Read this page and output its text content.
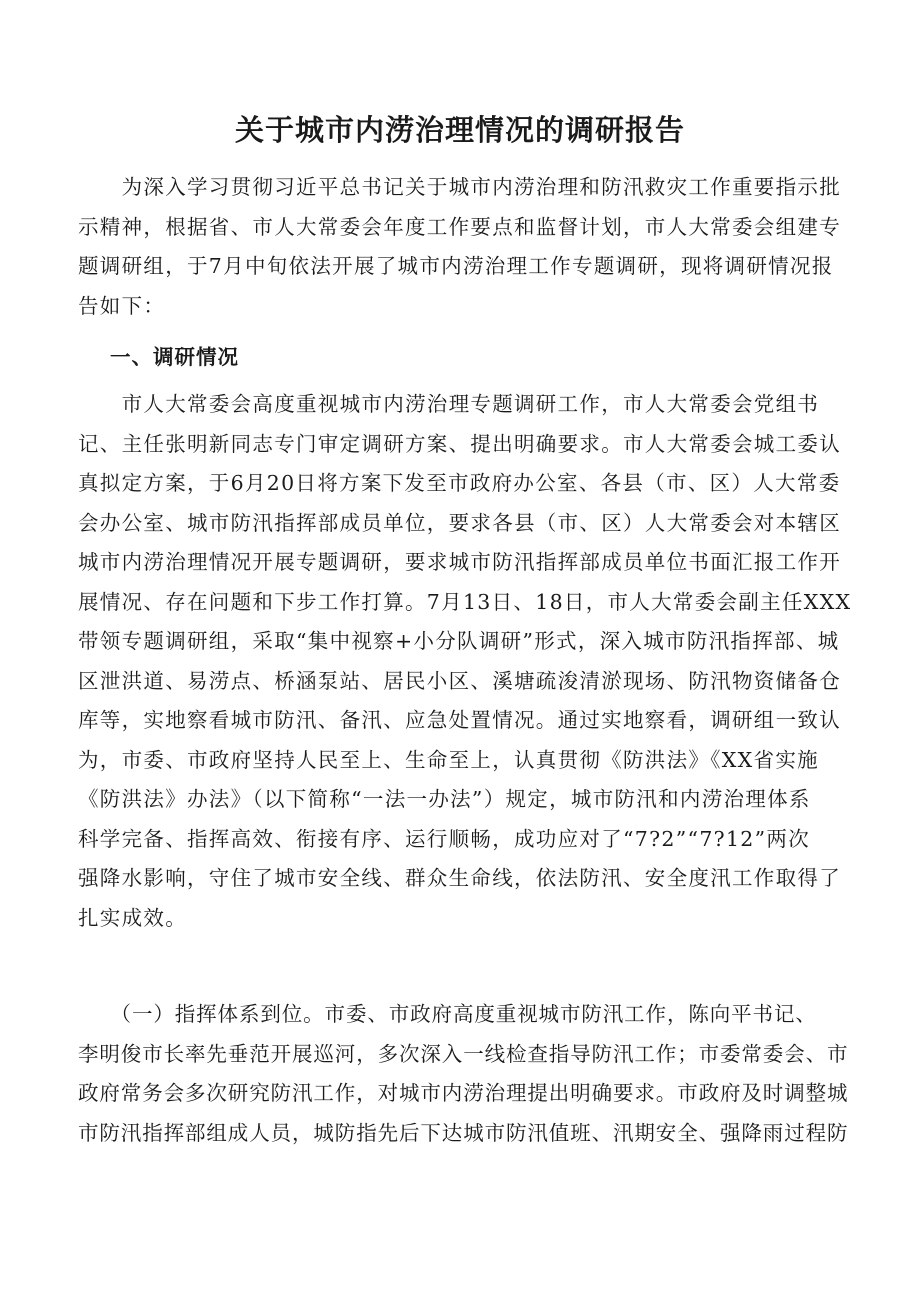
关于城市内涝治理情况的调研报告

　　为深入学习贯彻习近平总书记关于城市内涝治理和防汛救灾工作重要指示批
示精神，根据省、市人大常委会年度工作要点和监督计划，市人大常委会组建专
题调研组，于7月中旬依法开展了城市内涝治理工作专题调研，现将调研情况报
告如下：

一、调研情况

　　市人大常委会高度重视城市内涝治理专题调研工作，市人大常委会党组书
记、主任张明新同志专门审定调研方案、提出明确要求。市人大常委会城工委认
真拟定方案，于6月20日将方案下发至市政府办公室、各县（市、区）人大常委
会办公室、城市防汛指挥部成员单位，要求各县（市、区）人大常委会对本辖区
城市内涝治理情况开展专题调研，要求城市防汛指挥部成员单位书面汇报工作开
展情况、存在问题和下步工作打算。7月13日、18日，市人大常委会副主任XXX
带领专题调研组，采取“集中视察+小分队调研”形式，深入城市防汛指挥部、城
区泄洪道、易涝点、桥涵泵站、居民小区、溪塘疏浚清淤现场、防汛物资储备仓
库等，实地察看城市防汛、备汛、应急处置情况。通过实地察看，调研组一致认
为，市委、市政府坚持人民至上、生命至上，认真贯彻《防洪法》《XX省实施
《防洪法》办法》（以下简称“一法一办法”）规定，城市防汛和内涝治理体系
科学完备、指挥高效、衔接有序、运行顺畅，成功应对了“7?2”“7?12”两次
强降水影响，守住了城市安全线、群众生命线，依法防汛、安全度汛工作取得了
扎实成效。

　　（一）指挥体系到位。市委、市政府高度重视城市防汛工作，陈向平书记、
李明俊市长率先垂范开展巡河，多次深入一线检查指导防汛工作；市委常委会、市
政府常务会多次研究防汛工作，对城市内涝治理提出明确要求。市政府及时调整城
市防汛指挥部组成人员，城防指先后下达城市防汛值班、汛期安全、强降雨过程防
